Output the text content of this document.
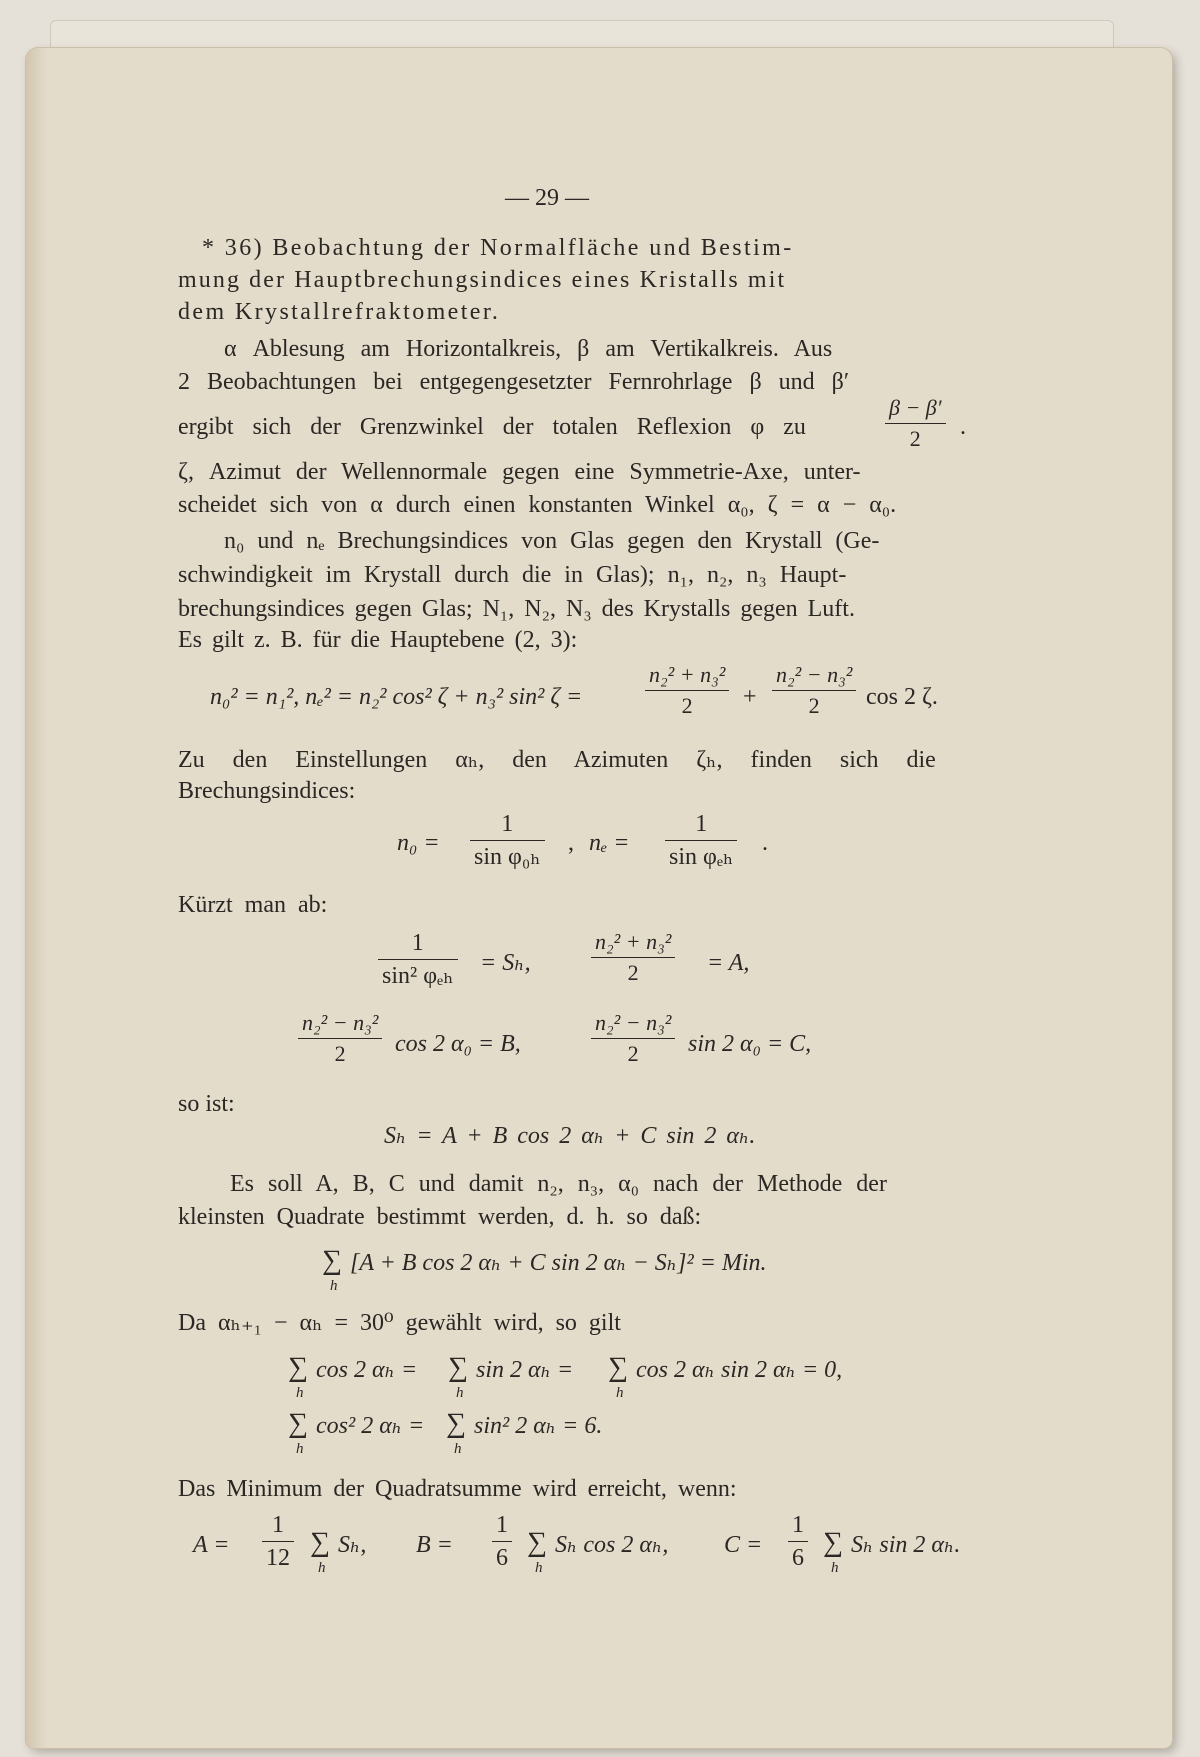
— 29 —
* 36) Beobachtung der Normalfläche und Bestim-
mung der Hauptbrechungsindices eines Kristalls mit
dem Krystallrefraktometer.
α Ablesung am Horizontalkreis, β am Vertikalkreis. Aus
2 Beobachtungen bei entgegengesetzter Fernrohrlage β und β′
ergibt sich der Grenzwinkel der totalen Reflexion φ zu	$\frac{\beta - \beta'}{2}$ .
ζ, Azimut der Wellennormale gegen eine Symmetrie-Axe, unter-
scheidet sich von α durch einen konstanten Winkel α₀, ζ = α − α₀.
n₀ und nₑ Brechungsindices von Glas gegen den Krystall (Ge-
schwindigkeit im Krystall durch die in Glas); n₁, n₂, n₃ Haupt-
brechungsindices gegen Glas; N₁, N₂, N₃ des Krystalls gegen Luft.
Es gilt z. B. für die Hauptebene (2, 3):
n₀² = n₁², nₑ² = n₂² cos² ζ + n₃² sin² ζ =	$\frac{\text{n₂² + n₃²}}{2} + \frac{\text{n₂² − n₃²}}{2}$ cos 2 ζ.
Zu den Einstellungen αₕ, den Azimuten ζₕ, finden sich die
Brechungsindices:
$n_0 = \frac{1}{\text{sin φ₀ₕ}}$ , nₑ =
1
sin φₑₕ
.
Kürzt man ab:
1
sin² φₑₕ = Sₕ,	$\frac{\text{n₂² + n₃²}}{2} = A$,
$\frac{\text{n₂² − n₃²}}{2}$ cos 2 α₀ = B,	$\frac{\text{n₂² − n₃²}}{2}$ sin 2 α₀ = C,
so ist:
Sₕ = A + B cos 2 αₕ + C sin 2 αₕ.
Es soll A, B, C und damit n₂, n₃, α₀ nach der Methode der
kleinsten Quadrate bestimmt werden, d. h. so daß:
∑
h
[A + B cos 2 αₕ + C sin 2 αₕ − Sₕ]² = Min.
Da αₕ₊₁ − αₕ = 30⁰ gewählt wird, so gilt
∑
h
cos 2 αₕ = ∑
h
sin 2 αₕ = ∑
h
cos 2 αₕ sin 2 αₕ = 0,
∑
h
cos² 2 αₕ = ∑
h
sin² 2 αₕ = 6.
Das Minimum der Quadratsumme wird erreicht, wenn:
$A = \frac{1}{12}$ ∑
h
Sₕ, $B = \frac{1}{6}$ ∑
h
Sₕ cos 2 αₕ, $C = \frac{1}{6}$ ∑
h
Sₕ sin 2 αₕ.
